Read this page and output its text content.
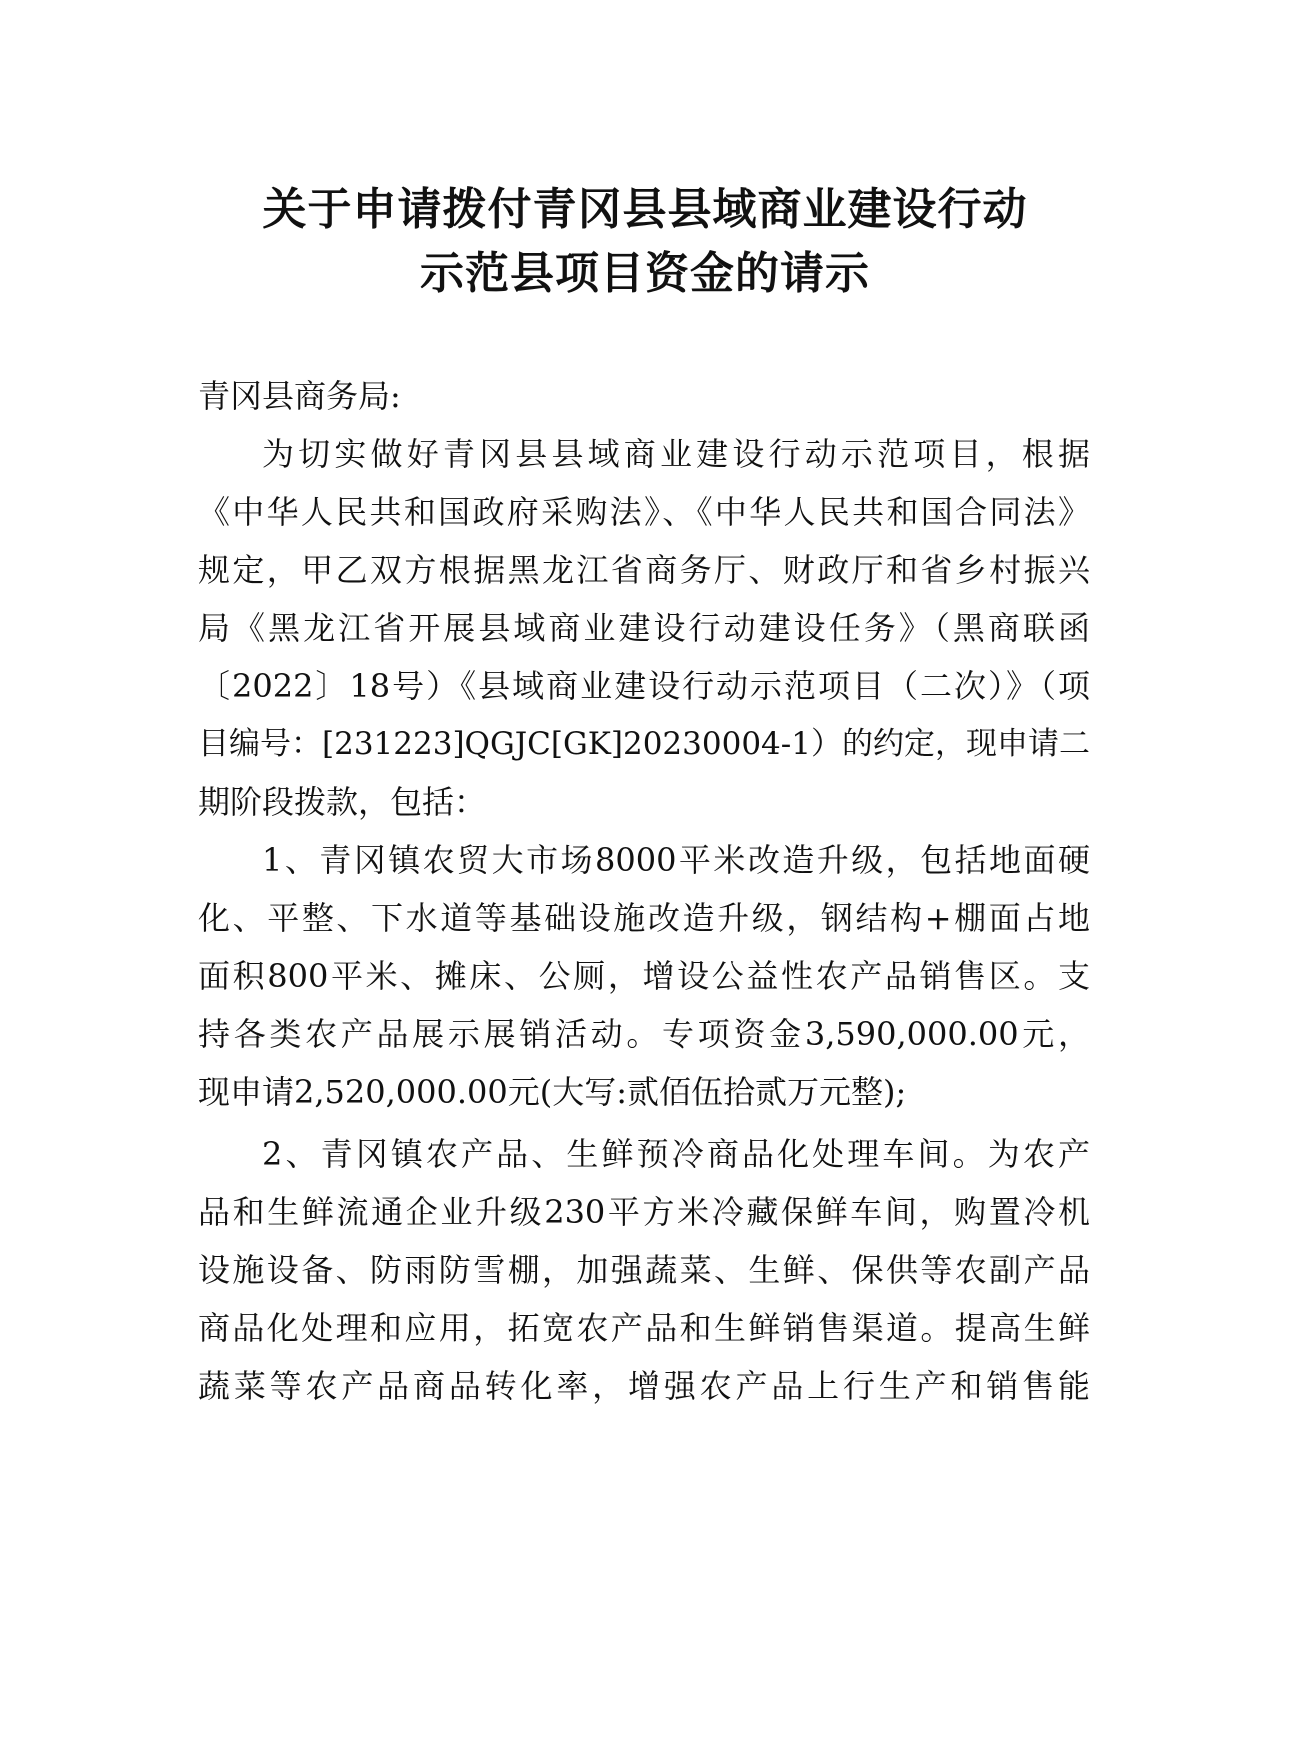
关于申请拨付青冈县县域商业建设行动
示范县项目资金的请示
青冈县商务局:
为切实做好青冈县县域商业建设行动示范项目，根据
《中华人民共和国政府采购法》、《中华人民共和国合同法》
规定，甲乙双方根据黑龙江省商务厅、财政厅和省乡村振兴
局《黑龙江省开展县域商业建设行动建设任务》（黑商联函
〔2022〕18号）《县域商业建设行动示范项目（二次）》（项
目编号：[231223]QGJC[GK]20230004-1）的约定，现申请二
期阶段拨款，包括：
1、青冈镇农贸大市场8000平米改造升级，包括地面硬
化、平整、下水道等基础设施改造升级，钢结构+棚面占地
面积800平米、摊床、公厕，增设公益性农产品销售区。支
持各类农产品展示展销活动。专项资金3,590,000.00元，
现申请2,520,000.00元(大写:贰佰伍拾贰万元整);
2、青冈镇农产品、生鲜预冷商品化处理车间。为农产
品和生鲜流通企业升级230平方米冷藏保鲜车间，购置冷机
设施设备、防雨防雪棚，加强蔬菜、生鲜、保供等农副产品
商品化处理和应用，拓宽农产品和生鲜销售渠道。提高生鲜
蔬菜等农产品商品转化率，增强农产品上行生产和销售能
